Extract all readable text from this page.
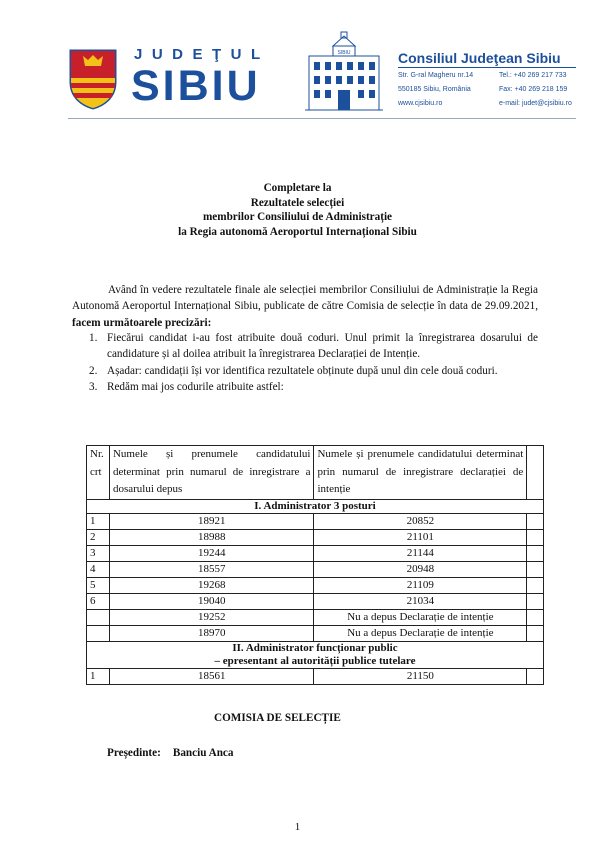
JUDEŢUL
SIBIU
SIBIU	Consiliul Judeţean Sibiu
Str. G-ral Magheru nr.14
550185 Sibiu, România
www.cjsibiu.ro
Tel.: +40 269 217 733
Fax: +40 269 218 159
e-mail: judet@cjsibiu.ro
Completare la
Rezultatele selecției
membrilor Consiliului de Administrație
la Regia autonomă Aeroportul Internațional Sibiu
Având în vedere rezultatele finale ale selecției membrilor Consiliului de Administrație la Regia Autonomă Aeroportul Internațional Sibiu, publicate de către Comisia de selecție în data de 29.09.2021, facem următoarele precizări:
1. Fiecărui candidat i-au fost atribuite două coduri. Unul primit la înregistrarea dosarului de candidature și al doilea atribuit la înregistrarea Declarației de Intenție.
2. Așadar: candidații își vor identifica rezultatele obținute după unul din cele două coduri.
3. Redăm mai jos codurile atribuite astfel:
Nr. crt	Numele și prenumele candidatului determinat prin numarul de inregistrare a dosarului depus	Numele și prenumele candidatului determinat prin numarul de inregistrare declarației de intenție	
I. Administrator 3 posturi			
1	18921	20852	
2	18988	21101	
3	19244	21144	
4	18557	20948	
5	19268	21109	
6	19040	21034	
	19252	Nu a depus Declarație de intenție	
	18970	Nu a depus Declarație de intenție	

II. Administrator funcționar public
– epresentant al autorității publice tutelare			

1	18561	21150	
COMISIA DE SELECȚIE
Președinte: Banciu Anca
1
